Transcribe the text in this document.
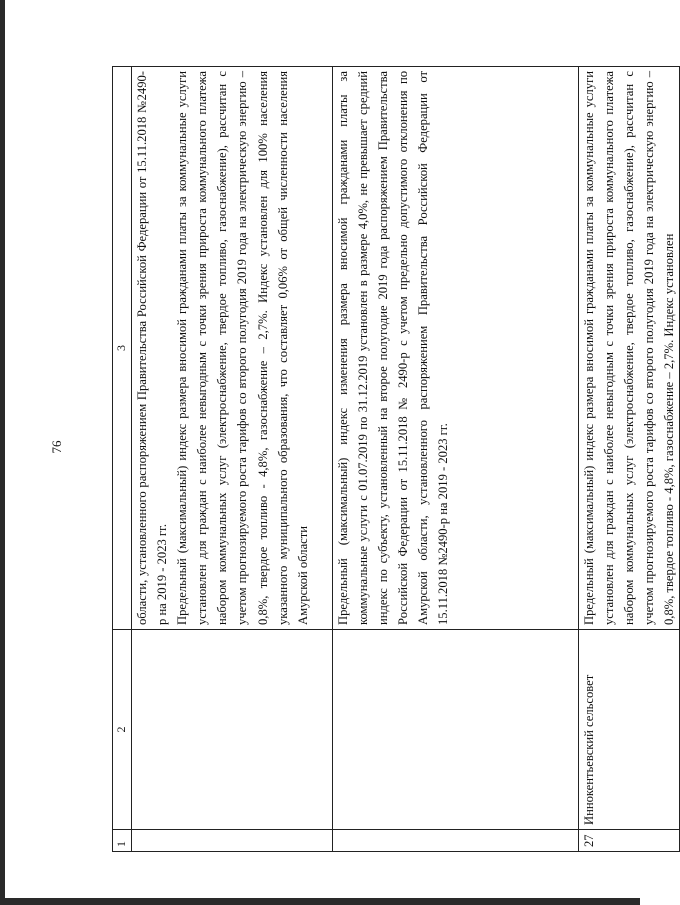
76
1	2	3

		области, установленного распоряжением Правительства Российской Федерации от 15.11.2018 №2490-р на 2019 - 2023 гг. Предельный (максимальный) индекс размера вносимой гражданами платы за коммунальные услуги установлен для граждан с наиболее невыгодным с точки зрения прироста коммунального платежа набором коммунальных услуг (электроснабжение, твердое топливо, газоснабжение), рассчитан с учетом прогнозируемого роста тарифов со второго полугодия 2019 года на электрическую энергию – 0,8%, твердое топливо - 4,8%, газоснабжение – 2,7%. Индекс установлен для 100% населения указанного муниципального образования, что составляет 0,06% от общей численности населения Амурской области

		Предельный (максимальный) индекс изменения размера вносимой гражданами платы за коммунальные услуги с 01.07.2019 по 31.12.2019 установлен в размере 4,0%, не превышает средний индекс по субъекту, установленный на второе полугодие 2019 года распоряжением Правительства Российской Федерации от 15.11.2018 № 2490-р с учетом предельно допустимого отклонения по Амурской области, установленного распоряжением Правительства Российской Федерации от 15.11.2018 №2490-р на 2019 - 2023 гг.

27	Иннокентьевский сельсовет	Предельный (максимальный) индекс размера вносимой гражданами платы за коммунальные услуги установлен для граждан с наиболее невыгодным с точки зрения прироста коммунального платежа набором коммунальных услуг (электроснабжение, твердое топливо, газоснабжение), рассчитан с учетом прогнозируемого роста тарифов со второго полугодия 2019 года на электрическую энергию – 0,8%, твердое топливо - 4,8%, газоснабжение – 2,7%. Индекс установлен
